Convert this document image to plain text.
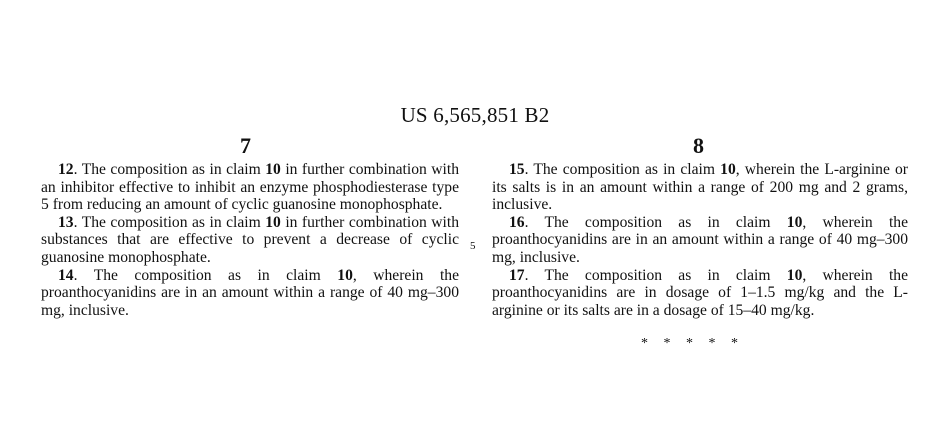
US 6,565,851 B2
7	8

12. The composition as in claim 10 in further combination with an inhibitor effective to inhibit an enzyme phosphodiesterase type 5 from reducing an amount of cyclic guanosine monophosphate.

13. The composition as in claim 10 in further combination with substances that are effective to prevent a decrease of cyclic guanosine monophosphate.

14. The composition as in claim 10, wherein the proanthocyanidins are in an amount within a range of 40 mg–300 mg, inclusive.

5

15. The composition as in claim 10, wherein the L-arginine or its salts is in an amount within a range of 200 mg and 2 grams, inclusive.

16. The composition as in claim 10, wherein the proanthocyanidins are in an amount within a range of 40 mg–300 mg, inclusive.

17. The composition as in claim 10, wherein the proanthocyanidins are in dosage of 1–1.5 mg/kg and the L-arginine or its salts are in a dosage of 15–40 mg/kg.

* * * * *
